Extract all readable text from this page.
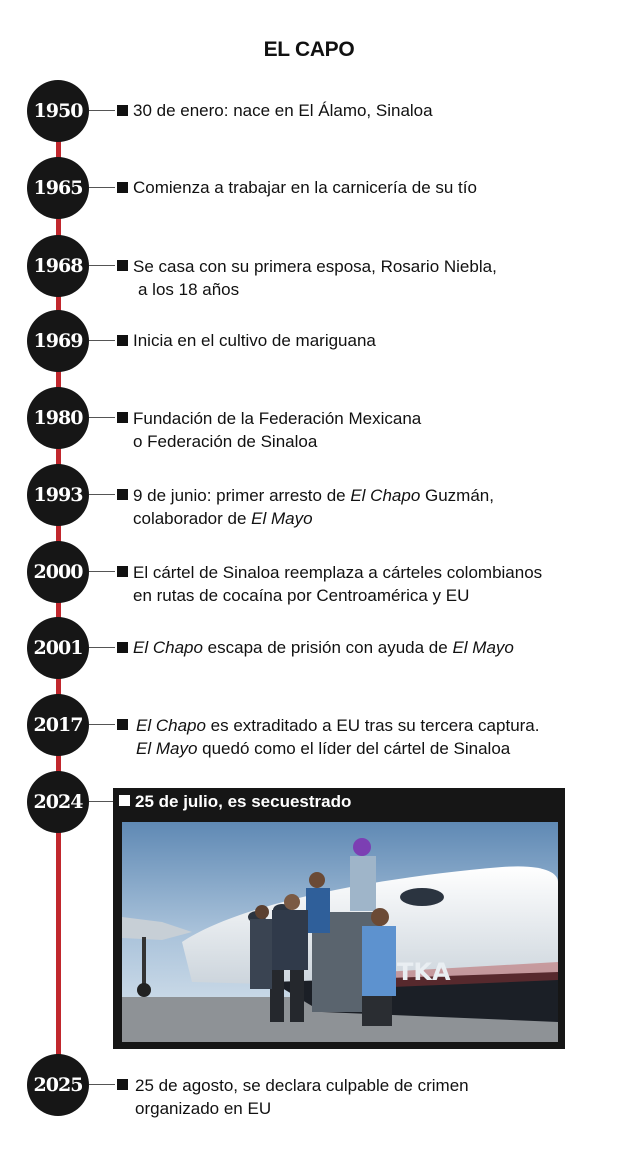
EL CAPO
1950	30 de enero: nace en El Álamo, Sinaloa
1965	Comienza a trabajar en la carnicería de su tío
1968	Se casa con su primera esposa, Rosario Niebla,
a los 18 años
1969	Inicia en el cultivo de mariguana
1980	Fundación de la Federación Mexicana
o Federación de Sinaloa
1993	9 de junio: primer arresto de El Chapo Guzmán,
colaborador de El Mayo
2000	El cártel de Sinaloa reemplaza a cárteles colombianos
en rutas de cocaína por Centroamérica y EU
2001	El Chapo escapa de prisión con ayuda de El Mayo
2017	El Chapo es extraditado a EU tras su tercera captura.
El Mayo quedó como el líder del cártel de Sinaloa
2024	25 de julio, es secuestrado
TKA
2025	25 de agosto, se declara culpable de crimen
organizado en EU
